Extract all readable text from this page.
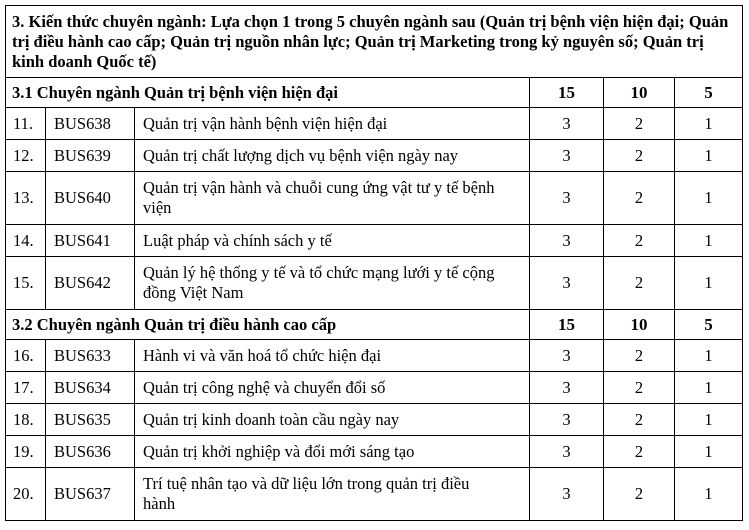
3. Kiến thức chuyên ngành: Lựa chọn 1 trong 5 chuyên ngành sau (Quản trị bệnh viện hiện đại; Quản trị điều hành cao cấp; Quản trị nguồn nhân lực; Quản trị Marketing trong kỷ nguyên số; Quản trị kinh doanh Quốc tế)					
3.1 Chuyên ngành Quản trị bệnh viện hiện đại			15	10	5
11.	BUS638	Quản trị vận hành bệnh viện hiện đại	3	2	1
12.	BUS639	Quản trị chất lượng dịch vụ bệnh viện ngày nay	3	2	1
13.	BUS640	Quản trị vận hành và chuỗi cung ứng vật tư y tế bệnh viện	3	2	1
14.	BUS641	Luật pháp và chính sách y tế	3	2	1
15.	BUS642	Quản lý hệ thống y tế và tổ chức mạng lưới y tế cộng đồng Việt Nam	3	2	1
3.2 Chuyên ngành Quản trị điều hành cao cấp			15	10	5
16.	BUS633	Hành vi và văn hoá tổ chức hiện đại	3	2	1
17.	BUS634	Quản trị công nghệ và chuyển đổi số	3	2	1
18.	BUS635	Quản trị kinh doanh toàn cầu ngày nay	3	2	1
19.	BUS636	Quản trị khởi nghiệp và đổi mới sáng tạo	3	2	1
20.	BUS637	Trí tuệ nhân tạo và dữ liệu lớn trong quản trị điều hành	3	2	1
